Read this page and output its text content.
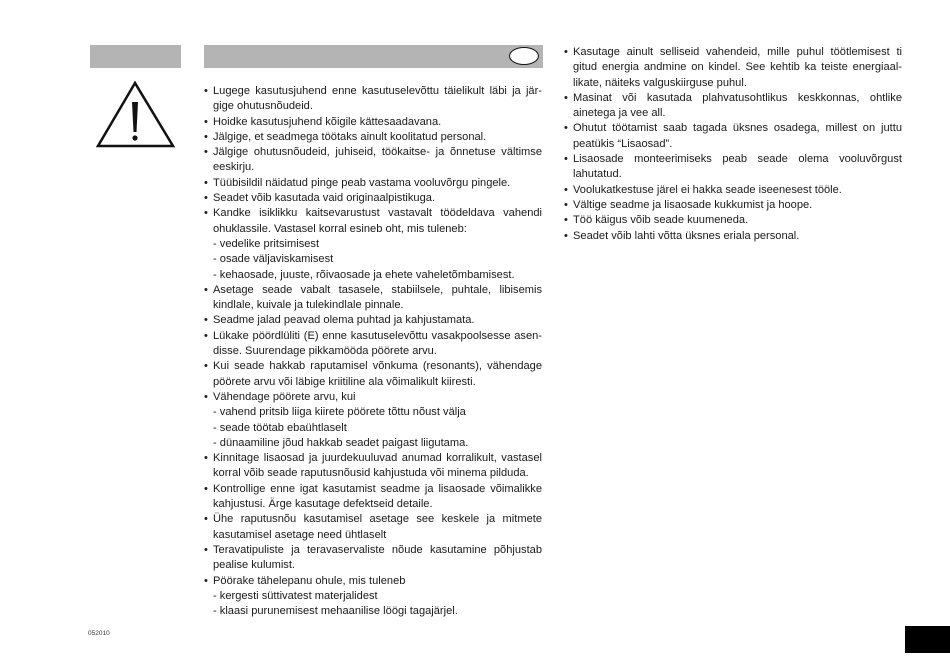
• Lugege kasutusjuhend enne kasutuselevõttu täielikult läbi ja järgige ohutusnõudeid.
• Hoidke kasutusjuhend kõigile kättesaadavana.
• Jälgige, et seadmega töötaks ainult koolitatud personal.
• Jälgige ohutusnõudeid, juhiseid, töökaitse- ja õnnetuse vältimse eeskirju.
• Tüübisildil näidatud pinge peab vastama vooluvõrgu pingele.
• Seadet võib kasutada vaid originaalpistikuga.
• Kandke isiklikku kaitsevarustust vastavalt töödeldava vahendi ohuklassile. Vastasel korral esineb oht, mis tuleneb:
- vedelike pritsimisest
- osade väljaviskamisest
- kehaosade, juuste, rõivaosade ja ehete vaheletõmbamisest.
• Asetage seade vabalt tasasele, stabiilsele, puhtale, libisemis kindlale, kuivale ja tulekindlale pinnale.
• Seadme jalad peavad olema puhtad ja kahjustamata.
• Lükake pöördlüliti (E) enne kasutuselevõttu vasakpoolsesse asendisse. Suurendage pikkamööda pöörete arvu.
• Kui seade hakkab raputamisel võnkuma (resonants), vähendage pöörete arvu või läbige kriitiline ala võimalikult kiiresti.
• Vähendage pöörete arvu, kui
- vahend pritsib liiga kiirete pöörete tõttu nõust välja
- seade töötab ebaühtlaselt
- dünaamiline jõud hakkab seadet paigast liigutama.
• Kinnitage lisaosad ja juurdekuuluvad anumad korralikult, vastasel korral võib seade raputusnõusid kahjustuda või minema pilduda.
• Kontrollige enne igat kasutamist seadme ja lisaosade võimalikke kahjustusi. Ärge kasutage defektseid detaile.
• Ühe raputusnõu kasutamisel asetage see keskele ja mitmete kasutamisel asetage need ühtlaselt
• Teravatipuliste ja teravaservaliste nõude kasutamine põhjustab pealise kulumist.
• Pöörake tähelepanu ohule, mis tuleneb
- kergesti süttivatest materjalidest
- klaasi purunemisest mehaanilise löögi tagajärjel.
• Kasutage ainult selliseid vahendeid, mille puhul töötlemisest ti gitud energia andmine on kindel. See kehtib ka teiste energiaallikate, näiteks valguskiirguse puhul.
• Masinat või kasutada plahvatusohtlikus keskkonnas, ohtlike ainetega ja vee all.
• Ohutut töötamist saab tagada üksnes osadega, millest on juttu peatükis “Lisaosad”.
• Lisaosade monteerimiseks peab seade olema vooluvõrgust lahutatud.
• Voolukatkestuse järel ei hakka seade iseenesest tööle.
• Vältige seadme ja lisaosade kukkumist ja hoope.
• Töö käigus võib seade kuumeneda.
• Seadet võib lahti võtta üksnes eriala personal.
052010
